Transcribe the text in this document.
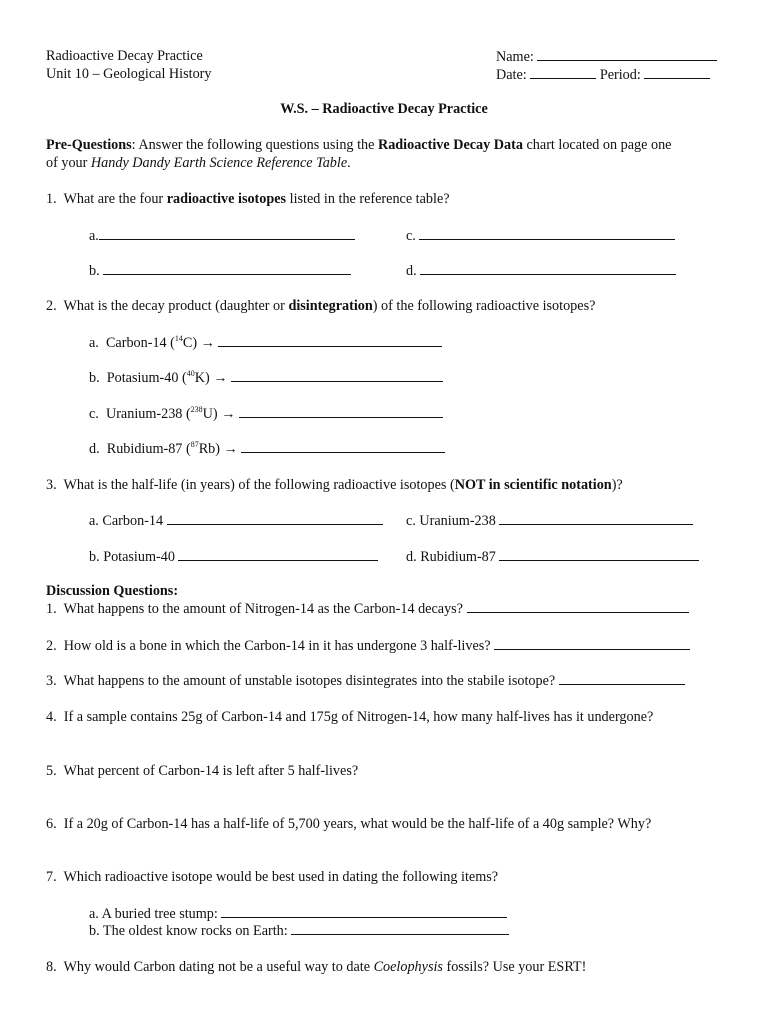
Radioactive Decay Practice
Unit 10 – Geological History
Name:
Date:	Period:
W.S. – Radioactive Decay Practice
Pre-Questions: Answer the following questions using the Radioactive Decay Data chart located on page one
of your Handy Dandy Earth Science Reference Table.
1. What are the four radioactive isotopes listed in the reference table?
a.	c.
b.	d.
2. What is the decay product (daughter or disintegration) of the following radioactive isotopes?
a. Carbon-14 ($^{14}$C) →
b. Potasium-40 ($^{40}$K) →
c. Uranium-238 ($^{238}$U) →
d. Rubidium-87 ($^{87}$Rb) →
3. What is the half-life (in years) of the following radioactive isotopes (NOT in scientific notation)?
a. Carbon-14	c. Uranium-238
b. Potasium-40	d. Rubidium-87
Discussion Questions:
1. What happens to the amount of Nitrogen-14 as the Carbon-14 decays?
2. How old is a bone in which the Carbon-14 in it has undergone 3 half-lives?
3. What happens to the amount of unstable isotopes disintegrates into the stabile isotope?
4. If a sample contains 25g of Carbon-14 and 175g of Nitrogen-14, how many half-lives has it undergone?
5. What percent of Carbon-14 is left after 5 half-lives?
6. If a 20g of Carbon-14 has a half-life of 5,700 years, what would be the half-life of a 40g sample? Why?
7. Which radioactive isotope would be best used in dating the following items?
a. A buried tree stump:
b. The oldest know rocks on Earth:
8. Why would Carbon dating not be a useful way to date Coelophysis fossils? Use your ESRT!
